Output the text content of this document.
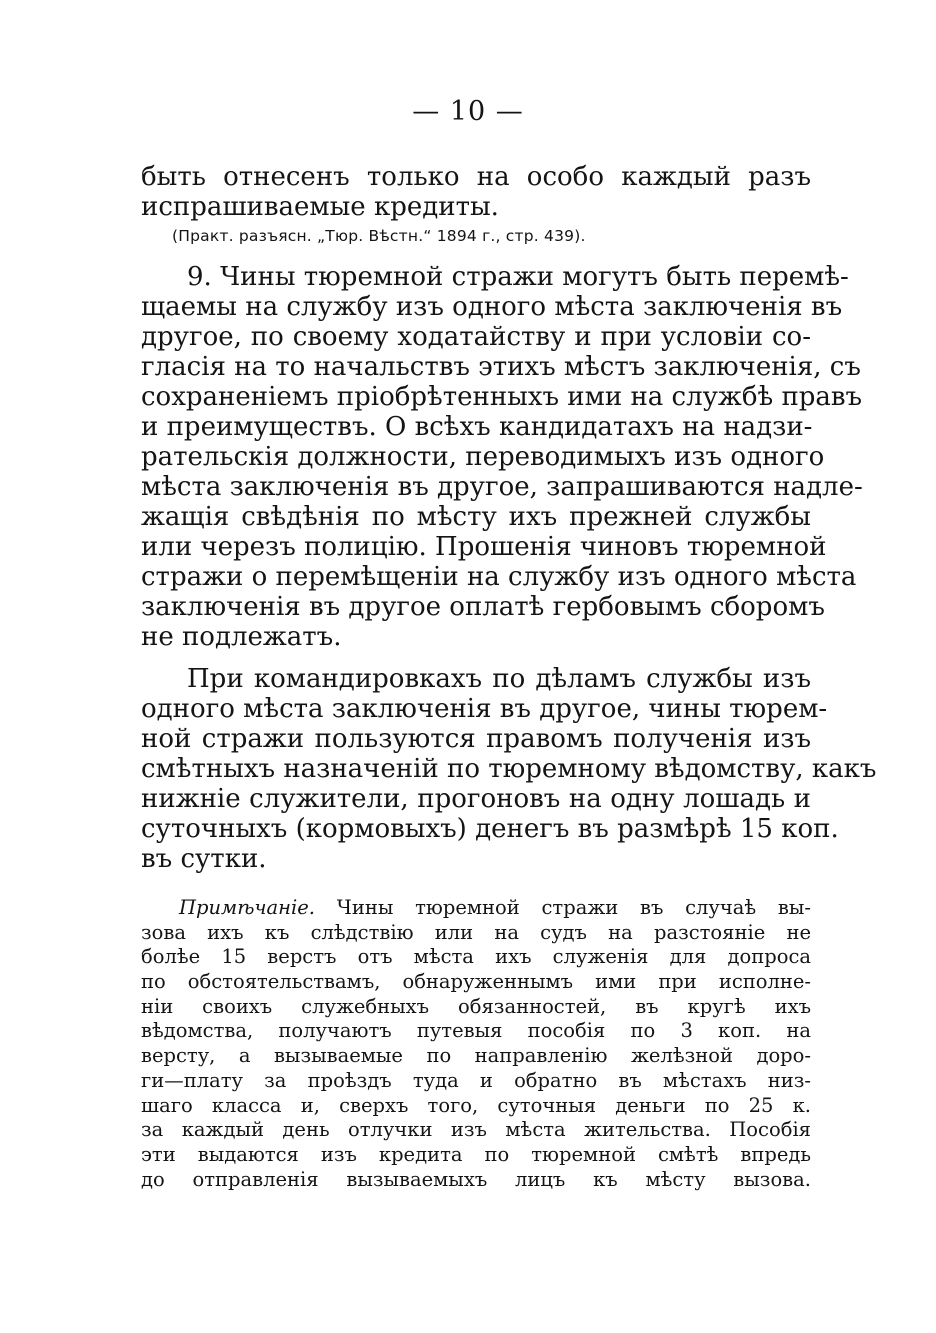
— 10 —
быть отнесенъ только на особо каждый разъ
испрашиваемые кредиты.
(Практ. разъясн. „Тюр. Вѣстн.“ 1894 г., стр. 439).
9. Чины тюремной стражи могутъ быть перемѣ-
щаемы на службу изъ одного мѣста заключенія въ
другое, по своему ходатайству и при условіи со-
гласія на то начальствъ этихъ мѣстъ заключенія, съ
сохраненіемъ пріобрѣтенныхъ ими на службѣ правъ
и преимуществъ. О всѣхъ кандидатахъ на надзи-
рательскія должности, переводимыхъ изъ одного
мѣста заключенія въ другое, запрашиваются надле-
жащія свѣдѣнія по мѣсту ихъ прежней службы
или черезъ полицію. Прошенія чиновъ тюремной
стражи о перемѣщеніи на службу изъ одного мѣста
заключенія въ другое оплатѣ гербовымъ сборомъ
не подлежатъ.
При командировкахъ по дѣламъ службы изъ
одного мѣста заключенія въ другое, чины тюрем-
ной стражи пользуются правомъ полученія изъ
смѣтныхъ назначеній по тюремному вѣдомству, какъ
нижніе служители, прогоновъ на одну лошадь и
суточныхъ (кормовыхъ) денегъ въ размѣрѣ 15 коп.
въ сутки.
Примѣчаніе. Чины тюремной стражи въ случаѣ вы-
зова ихъ къ слѣдствію или на судъ на разстояніе не
болѣе 15 верстъ отъ мѣста ихъ служенія для допроса
по обстоятельствамъ, обнаруженнымъ ими при исполне-
ніи своихъ служебныхъ обязанностей, въ кругѣ ихъ
вѣдомства, получаютъ путевыя пособія по 3 коп. на
версту, а вызываемые по направленію желѣзной доро-
ги—плату за проѣздъ туда и обратно въ мѣстахъ низ-
шаго класса и, сверхъ того, суточныя деньги по 25 к.
за каждый день отлучки изъ мѣста жительства. Пособія
эти выдаются изъ кредита по тюремной смѣтѣ впредь
до отправленія вызываемыхъ лицъ къ мѣсту вызова.
